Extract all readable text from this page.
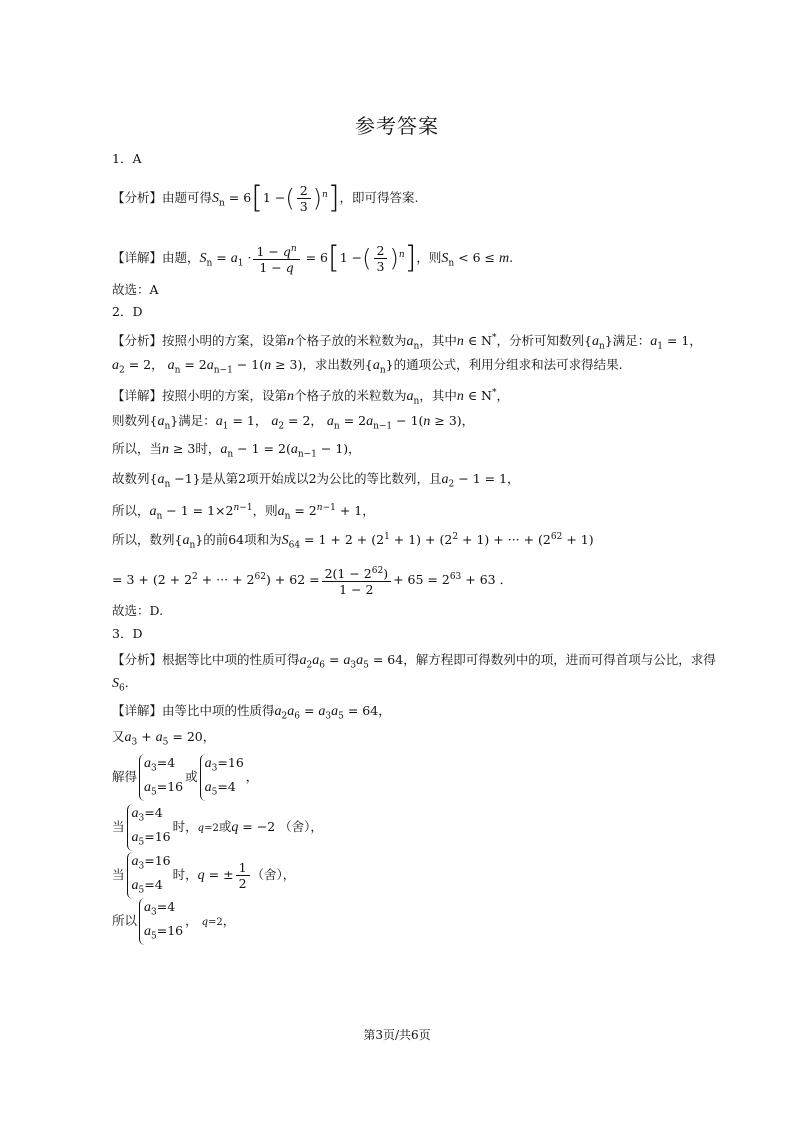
参考答案
1．A
【分析】由题可得$S_n = 6[1$ −( $\frac{2}{3} )^n$]，即可得答案.
【详解】由题，$S_n = a_1 \cdot \frac{1 - q^n}{1 - q} = 6[1$ −( $\frac{2}{3} )^n$]，则$S_n < 6 \le m$.
故选：A
2．D
【分析】按照小明的方案，设第n个格子放的米粒数为$a_n$，其中n ∈ N*，分析可知数列$\{a_n\}$满足：$a_1 = 1$，
$a_2 = 2$， $a_n = 2a_{n-1} - 1(n \ge 3)$，求出数列$\{a_n\}$的通项公式，利用分组求和法可求得结果.
【详解】按照小明的方案，设第n个格子放的米粒数为$a_n$，其中n ∈ N*，
则数列$\{a_n\}$满足：$a_1 = 1$， $a_2 = 2$， $a_n = 2a_{n-1} - 1(n \ge 3)$，
所以，当n ≥ 3时，$a_n - 1 = 2(a_{n-1} - 1)$，
故数列$\{a_n -1\}$是从第2项开始成以2为公比的等比数列，且$a_2 - 1 = 1$，
所以，$a_n - 1 = 1\times 2^{n-1}$，则$a_n = 2^{n-1} + 1$，
所以，数列$\{a_n\}$的前64项和为$S_{64} = 1 + 2 + (2^1 + 1) + (2^2 + 1)$ + ··· + $(2^{62} + 1)$
= $3 + (2 + 2^2$ + ··· + $2^{62}) + 62 = \frac{2(1 - 2^{62})}{1 - 2} + 65 = 2^{63} + 63$ ．
故选：D.
3．D
【分析】根据等比中项的性质可得$a_2a_6 = a_3a_5 = 64$，解方程即可得数列中的项，进而可得首项与公比，求得
$S_6$．
【详解】由等比中项的性质得$a_2a_6 = a_3a_5 = 64$，
又$a_3 + a_5 = 20$，
解得
$a_3=4$
$a_5=16$
或
$a_3=16$
$a_5=4$
，
当
$a_3=4$
$a_5=16$
时，q=2或q = −2 （舍），
当
$a_3=16$
$a_5=4$
时，q = ± $\frac{1}{2}$ （舍），
所以
$a_3=4$
$a_5=16$
， q=2，
第3页/共6页
